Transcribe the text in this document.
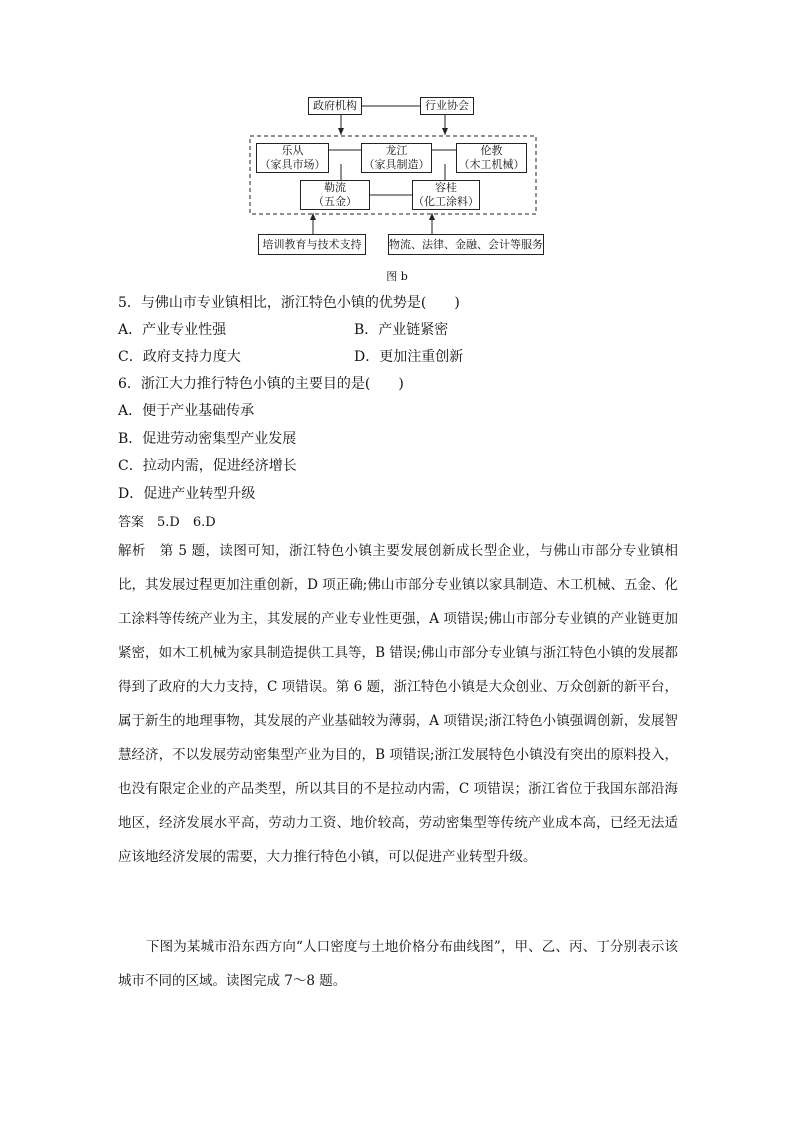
政府机构	行业协会
乐从
（家具市场）
龙江
（家具制造）
伦教
（木工机械）
勒流
（五金）
容桂
（化工涂料）
培训教育与技术支持	物流、法律、金融、会计等服务
图 b
5．与佛山市专业镇相比，浙江特色小镇的优势是(　　)
A．产业专业性强	B．产业链紧密
C．政府支持力度大	D．更加注重创新
6．浙江大力推行特色小镇的主要目的是(　　)
A．便于产业基础传承
B．促进劳动密集型产业发展
C．拉动内需，促进经济增长
D．促进产业转型升级
答案　5.D　6.D
解析　第 5 题，读图可知，浙江特色小镇主要发展创新成长型企业，与佛山市部分专业镇相比，其发展过程更加注重创新，D 项正确;佛山市部分专业镇以家具制造、木工机械、五金、化工涂料等传统产业为主，其发展的产业专业性更强，A 项错误;佛山市部分专业镇的产业链更加紧密，如木工机械为家具制造提供工具等，B 错误;佛山市部分专业镇与浙江特色小镇的发展都得到了政府的大力支持，C 项错误。第 6 题，浙江特色小镇是大众创业、万众创新的新平台，属于新生的地理事物，其发展的产业基础较为薄弱，A 项错误;浙江特色小镇强调创新，发展智慧经济，不以发展劳动密集型产业为目的，B 项错误;浙江发展特色小镇没有突出的原料投入，也没有限定企业的产品类型，所以其目的不是拉动内需，C 项错误；浙江省位于我国东部沿海地区，经济发展水平高，劳动力工资、地价较高，劳动密集型等传统产业成本高，已经无法适应该地经济发展的需要，大力推行特色小镇，可以促进产业转型升级。
下图为某城市沿东西方向“人口密度与土地价格分布曲线图”，甲、乙、丙、丁分别表示该城市不同的区域。读图完成 7～8 题。
